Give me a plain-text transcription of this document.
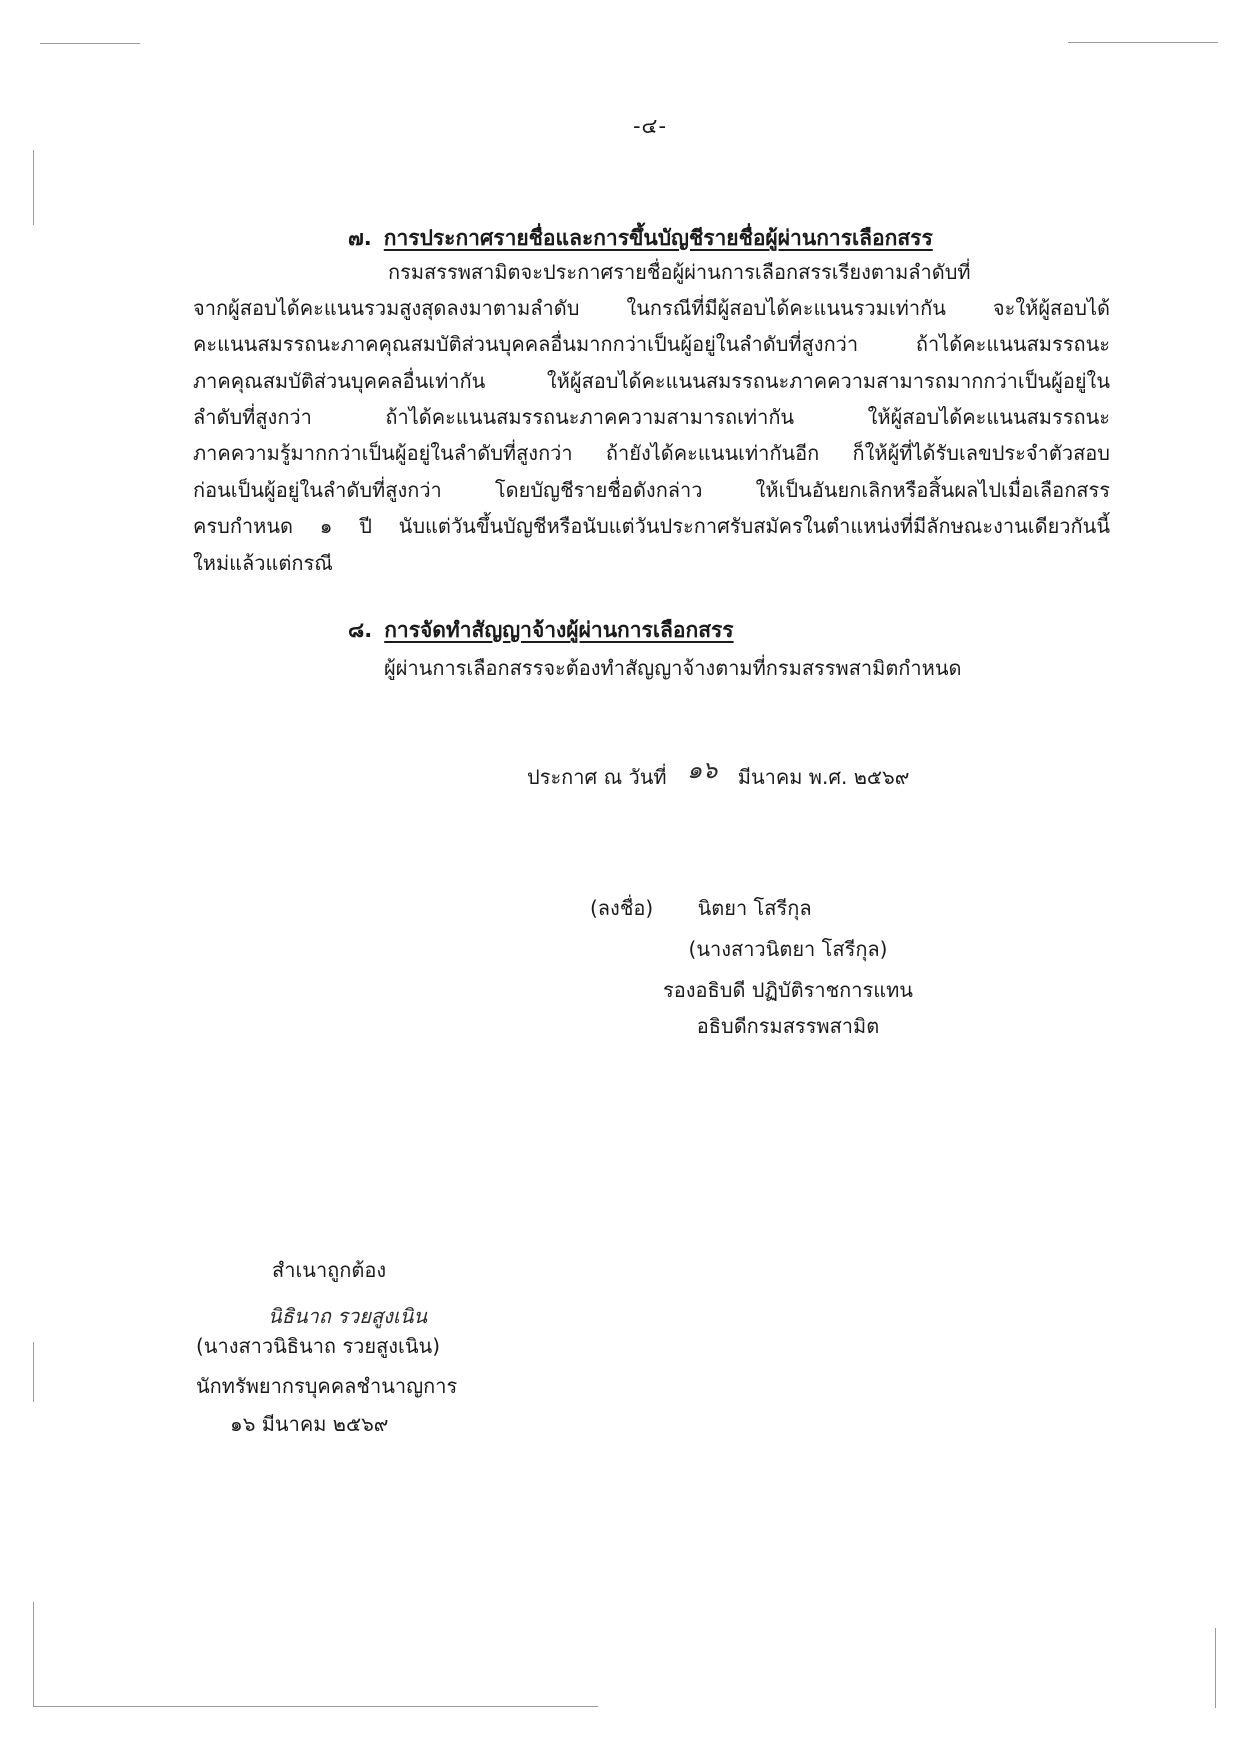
-๔-
๗. การประกาศรายชื่อและการขึ้นบัญชีรายชื่อผู้ผ่านการเลือกสรร
กรมสรรพสามิตจะประกาศรายชื่อผู้ผ่านการเลือกสรรเรียงตามลำดับที่
จากผู้สอบได้คะแนนรวมสูงสุดลงมาตามลำดับ ในกรณีที่มีผู้สอบได้คะแนนรวมเท่ากัน จะให้ผู้สอบได้
คะแนนสมรรถนะภาคคุณสมบัติส่วนบุคคลอื่นมากกว่าเป็นผู้อยู่ในลำดับที่สูงกว่า ถ้าได้คะแนนสมรรถนะ
ภาคคุณสมบัติส่วนบุคคลอื่นเท่ากัน ให้ผู้สอบได้คะแนนสมรรถนะภาคความสามารถมากกว่าเป็นผู้อยู่ใน
ลำดับที่สูงกว่า ถ้าได้คะแนนสมรรถนะภาคความสามารถเท่ากัน ให้ผู้สอบได้คะแนนสมรรถนะ
ภาคความรู้มากกว่าเป็นผู้อยู่ในลำดับที่สูงกว่า ถ้ายังได้คะแนนเท่ากันอีก ก็ให้ผู้ที่ได้รับเลขประจำตัวสอบ
ก่อนเป็นผู้อยู่ในลำดับที่สูงกว่า โดยบัญชีรายชื่อดังกล่าว ให้เป็นอันยกเลิกหรือสิ้นผลไปเมื่อเลือกสรร
ครบกำหนด ๑ ปี นับแต่วันขึ้นบัญชีหรือนับแต่วันประกาศรับสมัครในตำแหน่งที่มีลักษณะงานเดียวกันนี้
ใหม่แล้วแต่กรณี
๘. การจัดทำสัญญาจ้างผู้ผ่านการเลือกสรร
ผู้ผ่านการเลือกสรรจะต้องทำสัญญาจ้างตามที่กรมสรรพสามิตกำหนด
ประกาศ ณ วันที่ ๑๖ มีนาคม พ.ศ. ๒๕๖๙
(ลงชื่อ) นิตยา โสรีกุล
(นางสาวนิตยา โสรีกุล)
รองอธิบดี ปฏิบัติราชการแทน
อธิบดีกรมสรรพสามิต
สำเนาถูกต้อง
นิธินาถ รวยสูงเนิน
(นางสาวนิธินาถ รวยสูงเนิน)
นักทรัพยากรบุคคลชำนาญการ
๑๖ มีนาคม ๒๕๖๙
